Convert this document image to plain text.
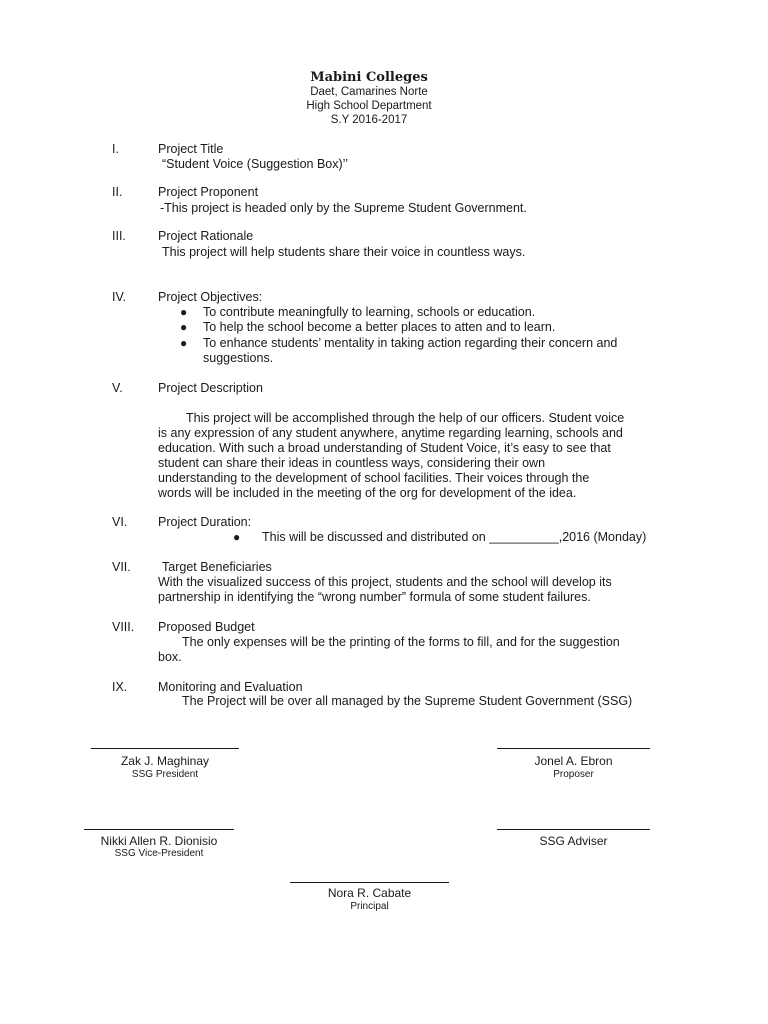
Mabini Colleges
Daet, Camarines Norte
High School Department
S.Y 2016-2017
I.	Project Title
“Student Voice (Suggestion Box)’’
II.	Project Proponent
-This project is headed only by the Supreme Student Government.
III.	Project Rationale
This project will help students share their voice in countless ways.
IV.	Project Objectives:
● To contribute meaningfully to learning, schools or education.
● To help the school become a better places to atten and to learn.
● To enhance students’ mentality in taking action regarding their concern and
suggestions.
V.	Project Description
This project will be accomplished through the help of our officers. Student voice
is any expression of any student anywhere, anytime regarding learning, schools and
education. With such a broad understanding of Student Voice, it’s easy to see that
student can share their ideas in countless ways, considering their own
understanding to the development of school facilities. Their voices through the
words will be included in the meeting of the org for development of the idea.
VI. Project Duration:
● This will be discussed and distributed on __________,2016 (Monday)
VII. Target Beneficiaries
With the visualized success of this project, students and the school will develop its
partnership in identifying the “wrong number” formula of some student failures.
VIII. Proposed Budget
The only expenses will be the printing of the forms to fill, and for the suggestion
box.
IX. Monitoring and Evaluation
The Project will be over all managed by the Supreme Student Government (SSG)
Zak J. Maghinay
SSG President
Jonel A. Ebron
Proposer
Nikki Allen R. Dionisio
SSG Vice-President
SSG Adviser
Nora R. Cabate
Principal
